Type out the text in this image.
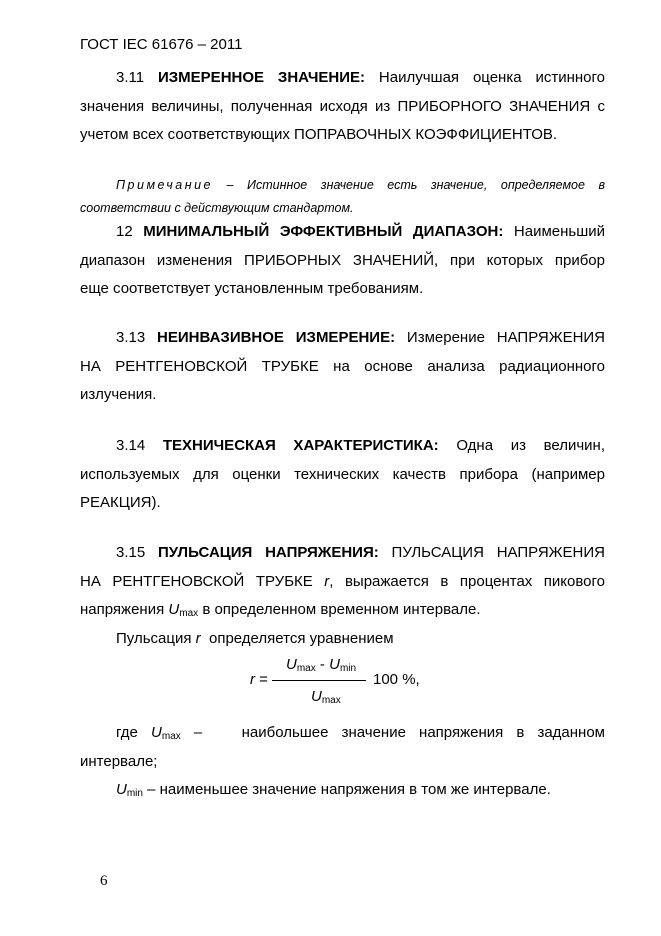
ГОСТ IEC 61676 – 2011
3.11 ИЗМЕРЕННОЕ ЗНАЧЕНИЕ: Наилучшая оценка истинного
значения величины, полученная исходя из ПРИБОРНОГО ЗНАЧЕНИЯ с
учетом всех соответствующих ПОПРАВОЧНЫХ КОЭФФИЦИЕНТОВ.
Примечание – Истинное значение есть значение, определяемое в
соответствии с действующим стандартом.
12 МИНИМАЛЬНЫЙ ЭФФЕКТИВНЫЙ ДИАПАЗОН: Наименьший
диапазон изменения ПРИБОРНЫХ ЗНАЧЕНИЙ, при которых прибор
еще соответствует установленным требованиям.
3.13 НЕИНВАЗИВНОЕ ИЗМЕРЕНИЕ: Измерение НАПРЯЖЕНИЯ
НА РЕНТГЕНОВСКОЙ ТРУБКЕ на основе анализа радиационного
излучения.
3.14 ТЕХНИЧЕСКАЯ ХАРАКТЕРИСТИКА: Одна из величин,
используемых для оценки технических качеств прибора (например
РЕАКЦИЯ).
3.15 ПУЛЬСАЦИЯ НАПРЯЖЕНИЯ: ПУЛЬСАЦИЯ НАПРЯЖЕНИЯ
НА РЕНТГЕНОВСКОЙ ТРУБКЕ r, выражается в процентах пикового
напряжения $U_{max}$ в определенном временном интервале.
Пульсация r определяется уравнением
$U_{max} - U_{min}$
r =	100 %,
$U_{max}$
где $U_{max}$ –	наибольшее значение напряжения в заданном
интервале;
$U_{min}$ – наименьшее значение напряжения в том же интервале.
6
